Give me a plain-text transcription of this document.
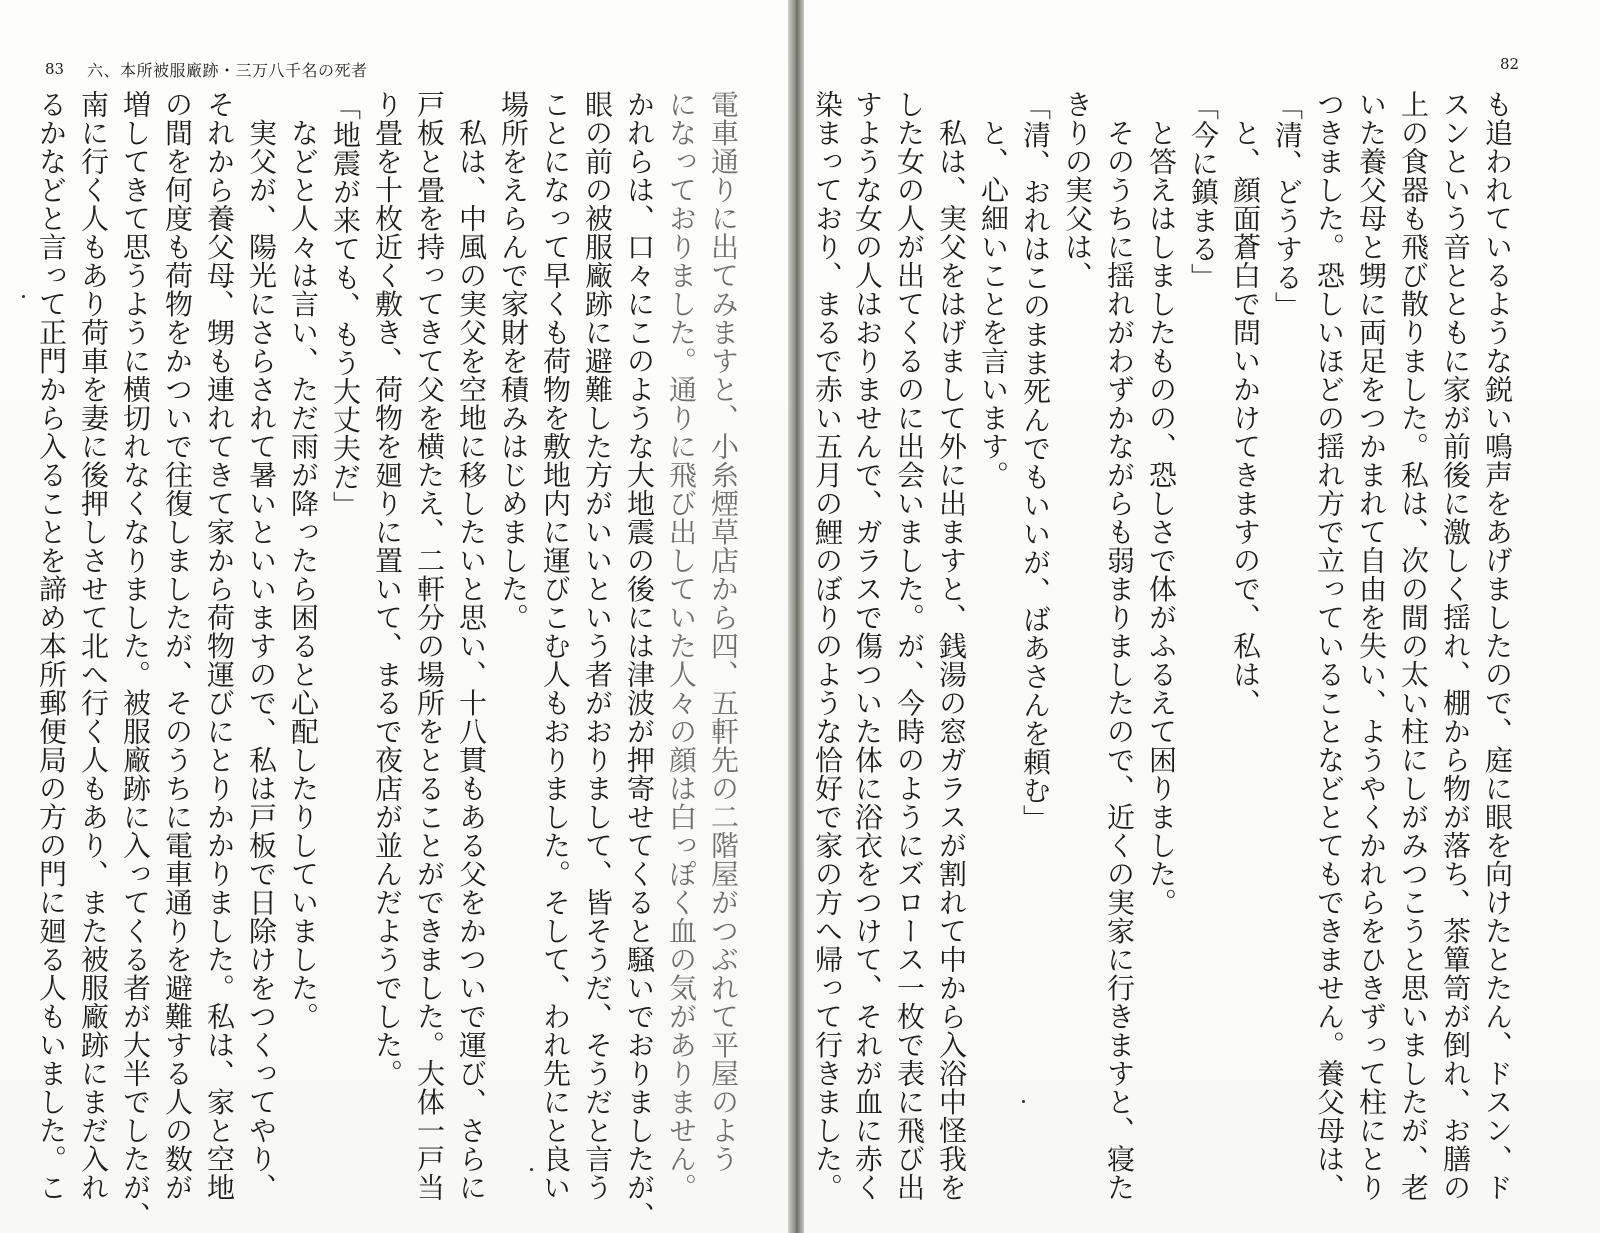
83 六、本所被服廠跡・三万八千名の死者
電車通りに出てみますと、小糸煙草店から四、五軒先の二階屋がつぶれて平屋のよう
になっておりました。通りに飛び出していた人々の顔は白っぽく血の気がありません。
かれらは、口々にこのような大地震の後には津波が押寄せてくると騒いでおりましたが、
眼の前の被服廠跡に避難した方がいいという者がおりまして、皆そうだ、そうだと言う
ことになって早くも荷物を敷地内に運びこむ人もおりました。そして、われ先にと良い
場所をえらんで家財を積みはじめました。
　私は、中風の実父を空地に移したいと思い、十八貫もある父をかついで運び、さらに
戸板と畳を持ってきて父を横たえ、二軒分の場所をとることができました。大体一戸当
り畳を十枚近く敷き、荷物を廻りに置いて、まるで夜店が並んだようでした。
「地震が来ても、もう大丈夫だ」
　などと人々は言い、ただ雨が降ったら困ると心配したりしていました。
　実父が、陽光にさらされて暑いといいますので、私は戸板で日除けをつくってやり、
それから養父母、甥も連れてきて家から荷物運びにとりかかりました。私は、家と空地
の間を何度も荷物をかついで往復しましたが、そのうちに電車通りを避難する人の数が
増してきて思うように横切れなくなりました。被服廠跡に入ってくる者が大半でしたが、
南に行く人もあり荷車を妻に後押しさせて北へ行く人もあり、また被服廠跡にまだ入れ
るかなどと言って正門から入ることを諦め本所郵便局の方の門に廻る人もいました。こ
82
も追われているような鋭い鳴声をあげましたので、庭に眼を向けたとたん、ドスン、ド
スンという音とともに家が前後に激しく揺れ、棚から物が落ち、茶簞笥が倒れ、お膳の
上の食器も飛び散りました。私は、次の間の太い柱にしがみつこうと思いましたが、老
いた養父母と甥に両足をつかまれて自由を失い、ようやくかれらをひきずって柱にとり
つきました。恐しいほどの揺れ方で立っていることなどとてもできません。養父母は、
「清、どうする」
　と、顔面蒼白で問いかけてきますので、私は、
「今に鎮まる」
　と答えはしましたものの、恐しさで体がふるえて困りました。
　そのうちに揺れがわずかながらも弱まりましたので、近くの実家に行きますと、寝た
きりの実父は、
「清、おれはこのまま死んでもいいが、ばあさんを頼む」
　と、心細いことを言います。
　私は、実父をはげまして外に出ますと、銭湯の窓ガラスが割れて中から入浴中怪我を
した女の人が出てくるのに出会いました。が、今時のようにズロース一枚で表に飛び出
すような女の人はおりませんで、ガラスで傷ついた体に浴衣をつけて、それが血に赤く
染まっており、まるで赤い五月の鯉のぼりのような恰好で家の方へ帰って行きました。
